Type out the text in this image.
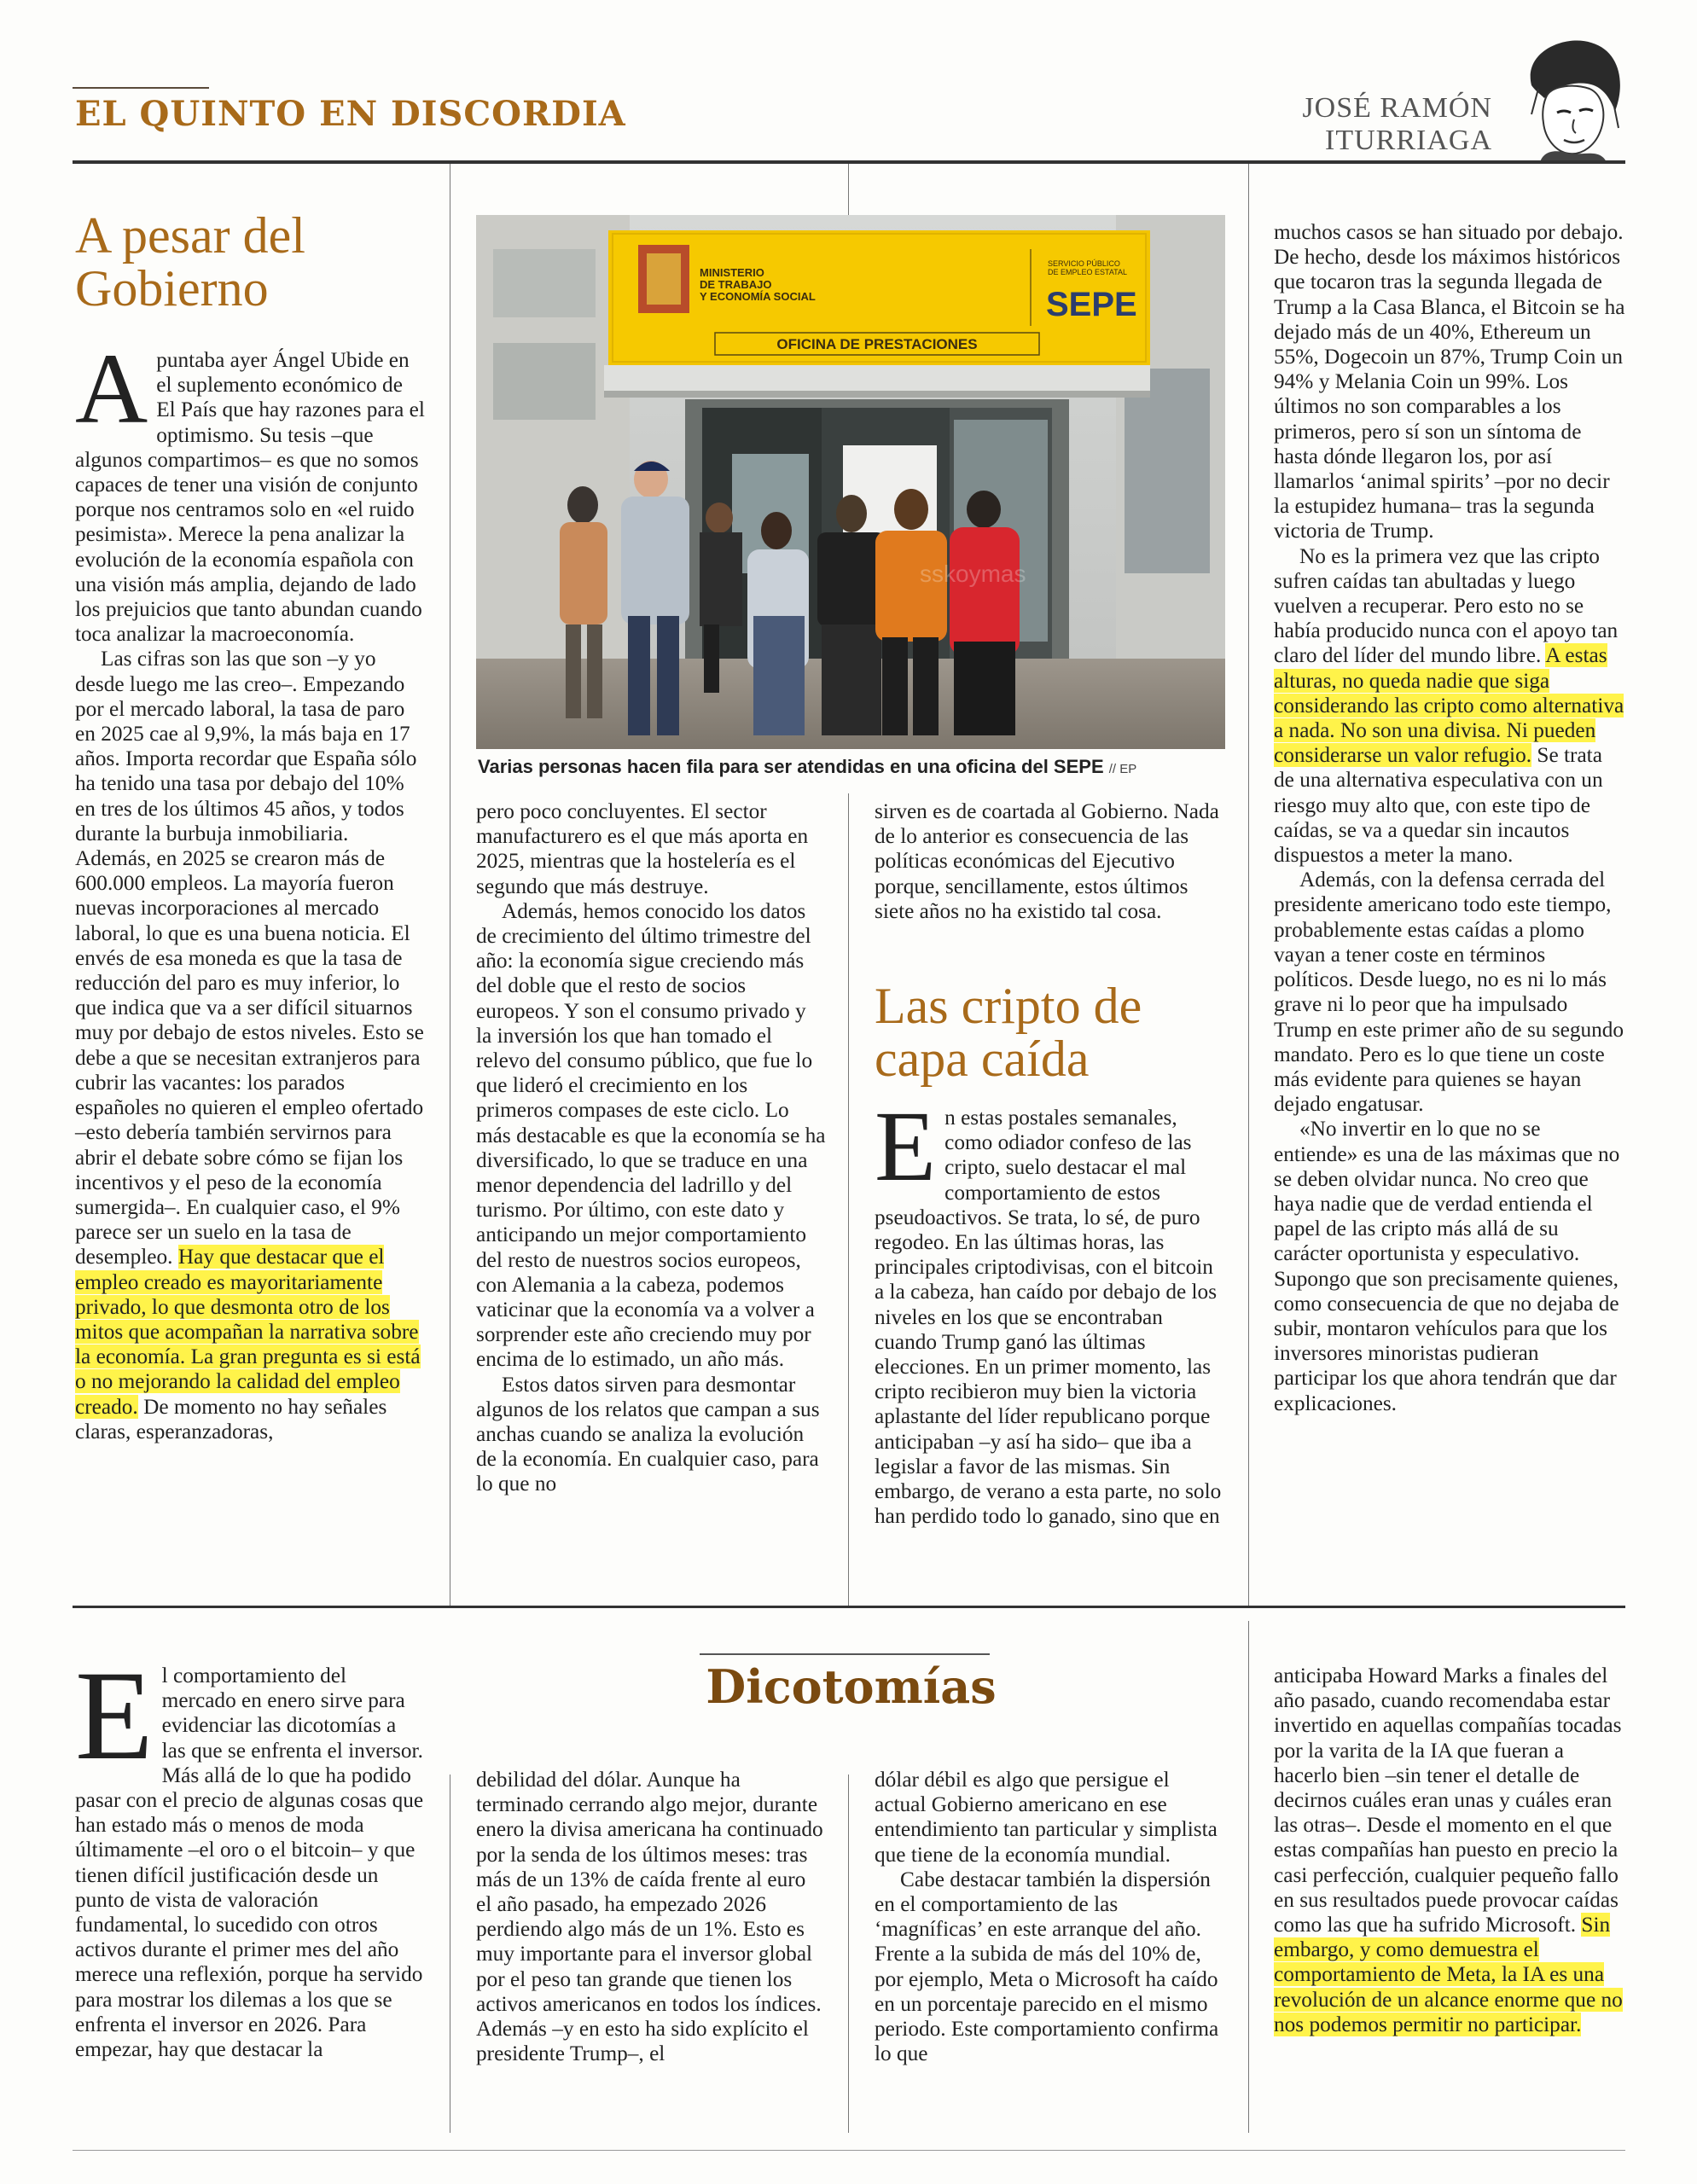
EL QUINTO EN DISCORDIA	JOSÉ RAMÓN
ITURRIAGA
A pesar del
Gobierno

Apuntaba ayer Ángel Ubide en el suplemento económico de El País que hay razones para el optimismo. Su tesis –que algunos compartimos– es que no somos capaces de tener una visión de conjunto porque nos centramos solo en «el ruido pesimista». Merece la pena analizar la evolución de la economía española con una visión más amplia, dejando de lado los prejuicios que tanto abundan cuando toca analizar la macroeconomía.

Las cifras son las que son –y yo desde luego me las creo–. Empezando por el mercado laboral, la tasa de paro en 2025 cae al 9,9%, la más baja en 17 años. Importa recordar que España sólo ha tenido una tasa por debajo del 10% en tres de los últimos 45 años, y todos durante la burbuja inmobiliaria. Además, en 2025 se crearon más de 600.000 empleos. La mayoría fueron nuevas incorporaciones al mercado laboral, lo que es una buena noticia. El envés de esa moneda es que la tasa de reducción del paro es muy inferior, lo que indica que va a ser difícil situarnos muy por debajo de estos niveles. Esto se debe a que se necesitan extranjeros para cubrir las vacantes: los parados españoles no quieren el empleo ofertado –esto debería también servirnos para abrir el debate sobre cómo se fijan los incentivos y el peso de la economía sumergida–. En cualquier caso, el 9% parece ser un suelo en la tasa de desempleo. Hay que destacar que el empleo creado es mayoritariamente privado, lo que desmonta otro de los mitos que acompañan la narrativa sobre la economía. La gran pregunta es si está o no mejorando la calidad del empleo creado. De momento no hay señales claras, esperanzadoras,

MINISTERIO DE TRABAJO Y ECONOMÍA SOCIAL
SERVICIO PÚBLICO DE EMPLEO ESTATAL
SEPE
OFICINA DE PRESTACIONES
sskoymas
Varias personas hacen fila para ser atendidas en una oficina del SEPE // EP

pero poco concluyentes. El sector manufacturero es el que más aporta en 2025, mientras que la hostelería es el segundo que más destruye.

Además, hemos conocido los datos de crecimiento del último trimestre del año: la economía sigue creciendo más del doble que el resto de socios europeos. Y son el consumo privado y la inversión los que han tomado el relevo del consumo público, que fue lo que lideró el crecimiento en los primeros compases de este ciclo. Lo más destacable es que la economía se ha diversificado, lo que se traduce en una menor dependencia del ladrillo y del turismo. Por último, con este dato y anticipando un mejor comportamiento del resto de nuestros socios europeos, con Alemania a la cabeza, podemos vaticinar que la economía va a volver a sorprender este año creciendo muy por encima de lo estimado, un año más.

Estos datos sirven para desmontar algunos de los relatos que campan a sus anchas cuando se analiza la evolución de la economía. En cualquier caso, para lo que no

sirven es de coartada al Gobierno. Nada de lo anterior es consecuencia de las políticas económicas del Ejecutivo porque, sencillamente, estos últimos siete años no ha existido tal cosa.

Las cripto de
capa caída

En estas postales semanales, como odiador confeso de las cripto, suelo destacar el mal comportamiento de estos pseudoactivos. Se trata, lo sé, de puro regodeo. En las últimas horas, las principales criptodivisas, con el bitcoin a la cabeza, han caído por debajo de los niveles en los que se encontraban cuando Trump ganó las últimas elecciones. En un primer momento, las cripto recibieron muy bien la victoria aplastante del líder republicano porque anticipaban –y así ha sido– que iba a legislar a favor de las mismas. Sin embargo, de verano a esta parte, no solo han perdido todo lo ganado, sino que en

muchos casos se han situado por debajo. De hecho, desde los máximos históricos que tocaron tras la segunda llegada de Trump a la Casa Blanca, el Bitcoin se ha dejado más de un 40%, Ethereum un 55%, Dogecoin un 87%, Trump Coin un 94% y Melania Coin un 99%. Los últimos no son comparables a los primeros, pero sí son un síntoma de hasta dónde llegaron los, por así llamarlos ‘animal spirits’ –por no decir la estupidez humana– tras la segunda victoria de Trump.

No es la primera vez que las cripto sufren caídas tan abultadas y luego vuelven a recuperar. Pero esto no se había producido nunca con el apoyo tan claro del líder del mundo libre. A estas alturas, no queda nadie que siga considerando las cripto como alternativa a nada. No son una divisa. Ni pueden considerarse un valor refugio. Se trata de una alternativa especulativa con un riesgo muy alto que, con este tipo de caídas, se va a quedar sin incautos dispuestos a meter la mano.

Además, con la defensa cerrada del presidente americano todo este tiempo, probablemente estas caídas a plomo vayan a tener coste en términos políticos. Desde luego, no es ni lo más grave ni lo peor que ha impulsado Trump en este primer año de su segundo mandato. Pero es lo que tiene un coste más evidente para quienes se hayan dejado engatusar.

«No invertir en lo que no se entiende» es una de las máximas que no se deben olvidar nunca. No creo que haya nadie que de verdad entienda el papel de las cripto más allá de su carácter oportunista y especulativo. Supongo que son precisamente quienes, como consecuencia de que no dejaba de subir, montaron vehículos para que los inversores minoristas pudieran participar los que ahora tendrán que dar explicaciones.

Dicotomías

El comportamiento del mercado en enero sirve para evidenciar las dicotomías a las que se enfrenta el inversor. Más allá de lo que ha podido pasar con el precio de algunas cosas que han estado más o menos de moda últimamente –el oro o el bitcoin– y que tienen difícil justificación desde un punto de vista de valoración fundamental, lo sucedido con otros activos durante el primer mes del año merece una reflexión, porque ha servido para mostrar los dilemas a los que se enfrenta el inversor en 2026. Para empezar, hay que destacar la

debilidad del dólar. Aunque ha terminado cerrando algo mejor, durante enero la divisa americana ha continuado por la senda de los últimos meses: tras más de un 13% de caída frente al euro el año pasado, ha empezado 2026 perdiendo algo más de un 1%. Esto es muy importante para el inversor global por el peso tan grande que tienen los activos americanos en todos los índices. Además –y en esto ha sido explícito el presidente Trump–, el

dólar débil es algo que persigue el actual Gobierno americano en ese entendimiento tan particular y simplista que tiene de la economía mundial.

Cabe destacar también la dispersión en el comportamiento de las ‘magníficas’ en este arranque del año. Frente a la subida de más del 10% de, por ejemplo, Meta o Microsoft ha caído en un porcentaje parecido en el mismo periodo. Este comportamiento confirma lo que

anticipaba Howard Marks a finales del año pasado, cuando recomendaba estar invertido en aquellas compañías tocadas por la varita de la IA que fueran a hacerlo bien –sin tener el detalle de decirnos cuáles eran unas y cuáles eran las otras–. Desde el momento en el que estas compañías han puesto en precio la casi perfección, cualquier pequeño fallo en sus resultados puede provocar caídas como las que ha sufrido Microsoft. Sin embargo, y como demuestra el comportamiento de Meta, la IA es una revolución de un alcance enorme que no nos podemos permitir no participar.
